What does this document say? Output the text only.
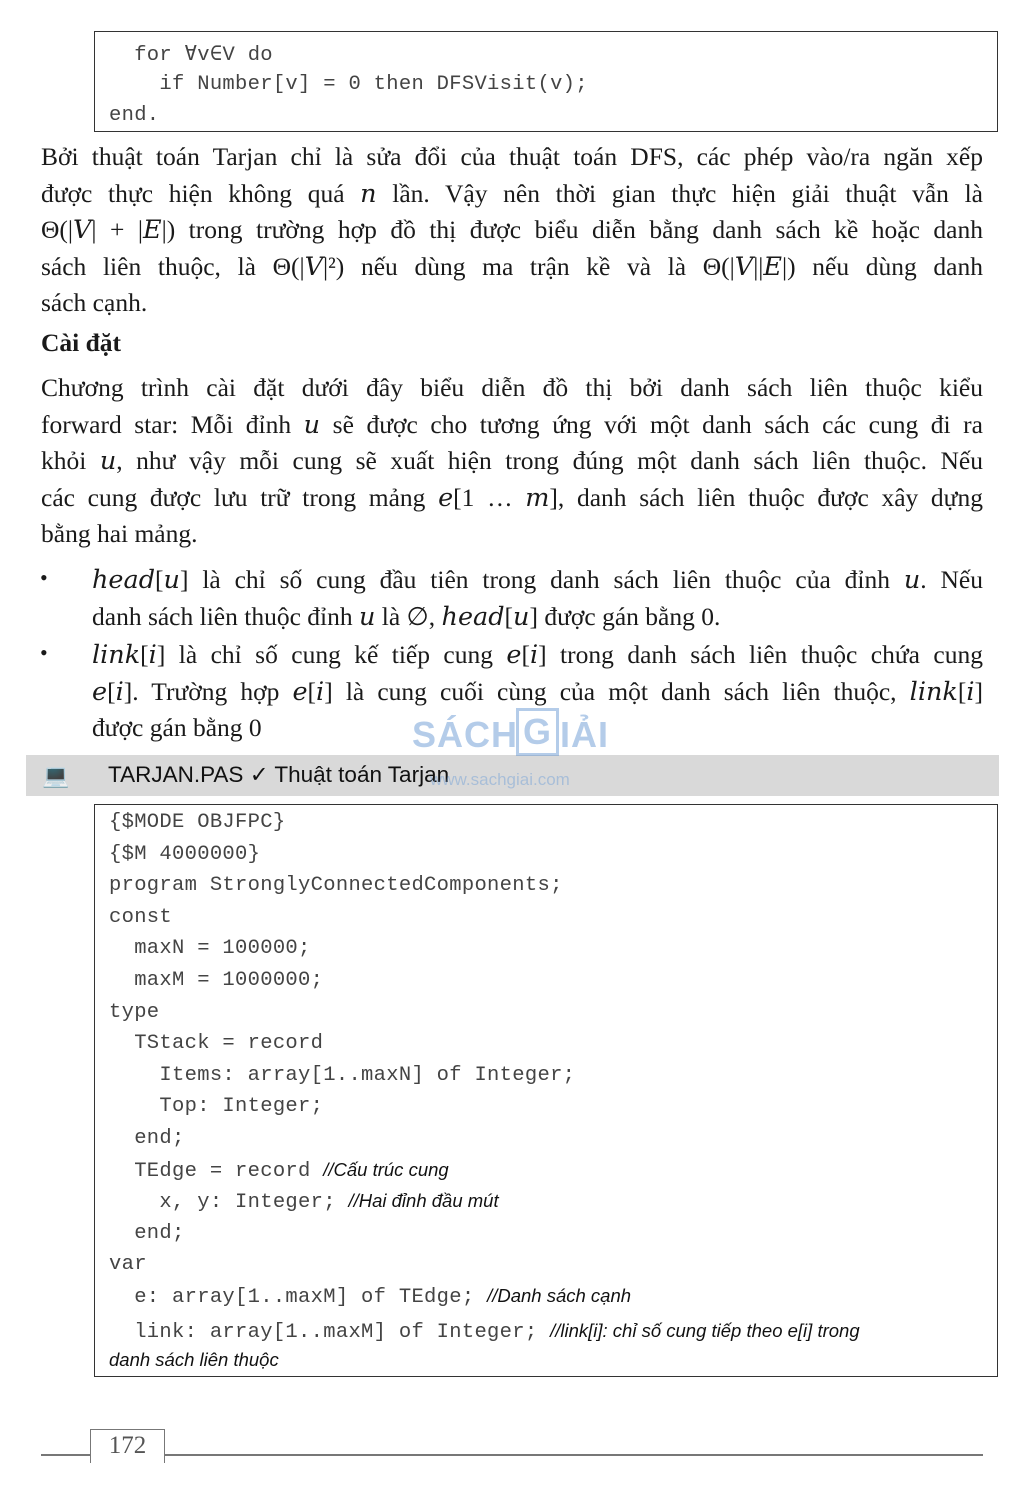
for ∀v∈V do
if Number[v] = 0 then DFSVisit(v);
end.
Bởi thuật toán Tarjan chỉ là sửa đổi của thuật toán DFS, các phép vào/ra ngăn xếp
được thực hiện không quá 𝑛 lần. Vậy nên thời gian thực hiện giải thuật vẫn là
Θ(|𝑉| + |𝐸|) trong trường hợp đồ thị được biểu diễn bằng danh sách kề hoặc danh
sách liên thuộc, là Θ(|𝑉|²) nếu dùng ma trận kề và là Θ(|𝑉||𝐸|) nếu dùng danh
sách cạnh.
Cài đặt
Chương trình cài đặt dưới đây biểu diễn đồ thị bởi danh sách liên thuộc kiểu
forward star: Mỗi đỉnh 𝑢 sẽ được cho tương ứng với một danh sách các cung đi ra
khỏi 𝑢, như vậy mỗi cung sẽ xuất hiện trong đúng một danh sách liên thuộc. Nếu
các cung được lưu trữ trong mảng 𝑒[1 … 𝑚], danh sách liên thuộc được xây dựng
bằng hai mảng.
• ℎ𝑒𝑎𝑑[𝑢] là chỉ số cung đầu tiên trong danh sách liên thuộc của đỉnh 𝑢. Nếu
danh sách liên thuộc đỉnh 𝑢 là ∅, ℎ𝑒𝑎𝑑[𝑢] được gán bằng 0.
• 𝑙𝑖𝑛𝑘[𝑖] là chỉ số cung kế tiếp cung 𝑒[𝑖] trong danh sách liên thuộc chứa cung
𝑒[𝑖]. Trường hợp 𝑒[𝑖] là cung cuối cùng của một danh sách liên thuộc, 𝑙𝑖𝑛𝑘[𝑖]
được gán bằng 0
💻 TARJAN.PAS ✓ Thuật toán Tarjan
SÁCH G IẢI
www.sachgiai.com
{$MODE OBJFPC}
{$M 4000000}
program StronglyConnectedComponents;
const
maxN = 100000;
maxM = 1000000;
type
TStack = record
Items: array[1..maxN] of Integer;
Top: Integer;
end;
TEdge = record //Cấu trúc cung
x, y: Integer; //Hai đỉnh đầu mút
end;
var
e: array[1..maxM] of TEdge; //Danh sách cạnh
link: array[1..maxM] of Integer; //link[i]: chỉ số cung tiếp theo e[i] trong
danh sách liên thuộc
172
